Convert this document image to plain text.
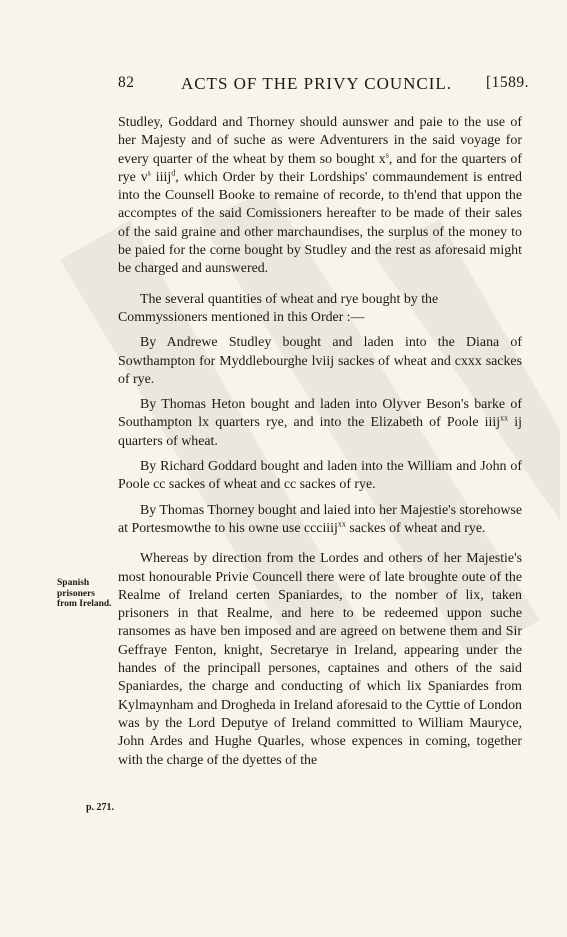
82	ACTS OF THE PRIVY COUNCIL.	[1589.

Studley, Goddard and Thorney should aunswer and paie to the use of her Majesty and of suche as were Adventurers in the said voyage for every quarter of the wheat by them so bought $x^s$, and for the quarters of rye $v^s$ iiij$^d$, which Order by their Lordships' commaundement is entred into the Counsell Booke to remaine of recorde, to th'end that uppon the accomptes of the said Comissioners hereafter to be made of their sales of the said graine and other marchaundises, the surplus of the money to be paied for the corne bought by Studley and the rest as aforesaid might be charged and aunswered.

The several quantities of wheat and rye bought by the
Commyssioners mentioned in this Order :—

By Andrewe Studley bought and laden into the Diana of Sowthampton for Myddlebourghe lviij sackes of wheat and cxxx sackes of rye.

By Thomas Heton bought and laden into Olyver Beson's barke of Southampton lx quarters rye, and into the Elizabeth of Poole iiij$^{xx}$ ij quarters of wheat.

By Richard Goddard bought and laden into the William and John of Poole cc sackes of wheat and cc sackes of rye.

By Thomas Thorney bought and laied into her Majestie's storehowse at Portesmowthe to his owne use ccciiij$^{xx}$ sackes of wheat and rye.

Whereas by direction from the Lordes and others of her Majestie's most honourable Privie Councell there were of late broughte oute of the Realme of Ireland certen Spaniardes, to the nomber of lix, taken prisoners in that Realme, and here to be redeemed uppon suche ransomes as have ben imposed and are agreed on betwene them and Sir Geffraye Fenton, knight, Secretarye in Ireland, appearing under the handes of the principall persones, captaines and others of the said Spaniardes, the charge and conducting of which lix Spaniardes from Kylmaynham and Drogheda in Ireland aforesaid to the Cyttie of London was by the Lord Deputye of Ireland committed to William Mauryce, John Ardes and Hughe Quarles, whose expences in coming, together with the charge of the dyettes of the

Spanish
prisoners
from Ireland.
p. 271.
